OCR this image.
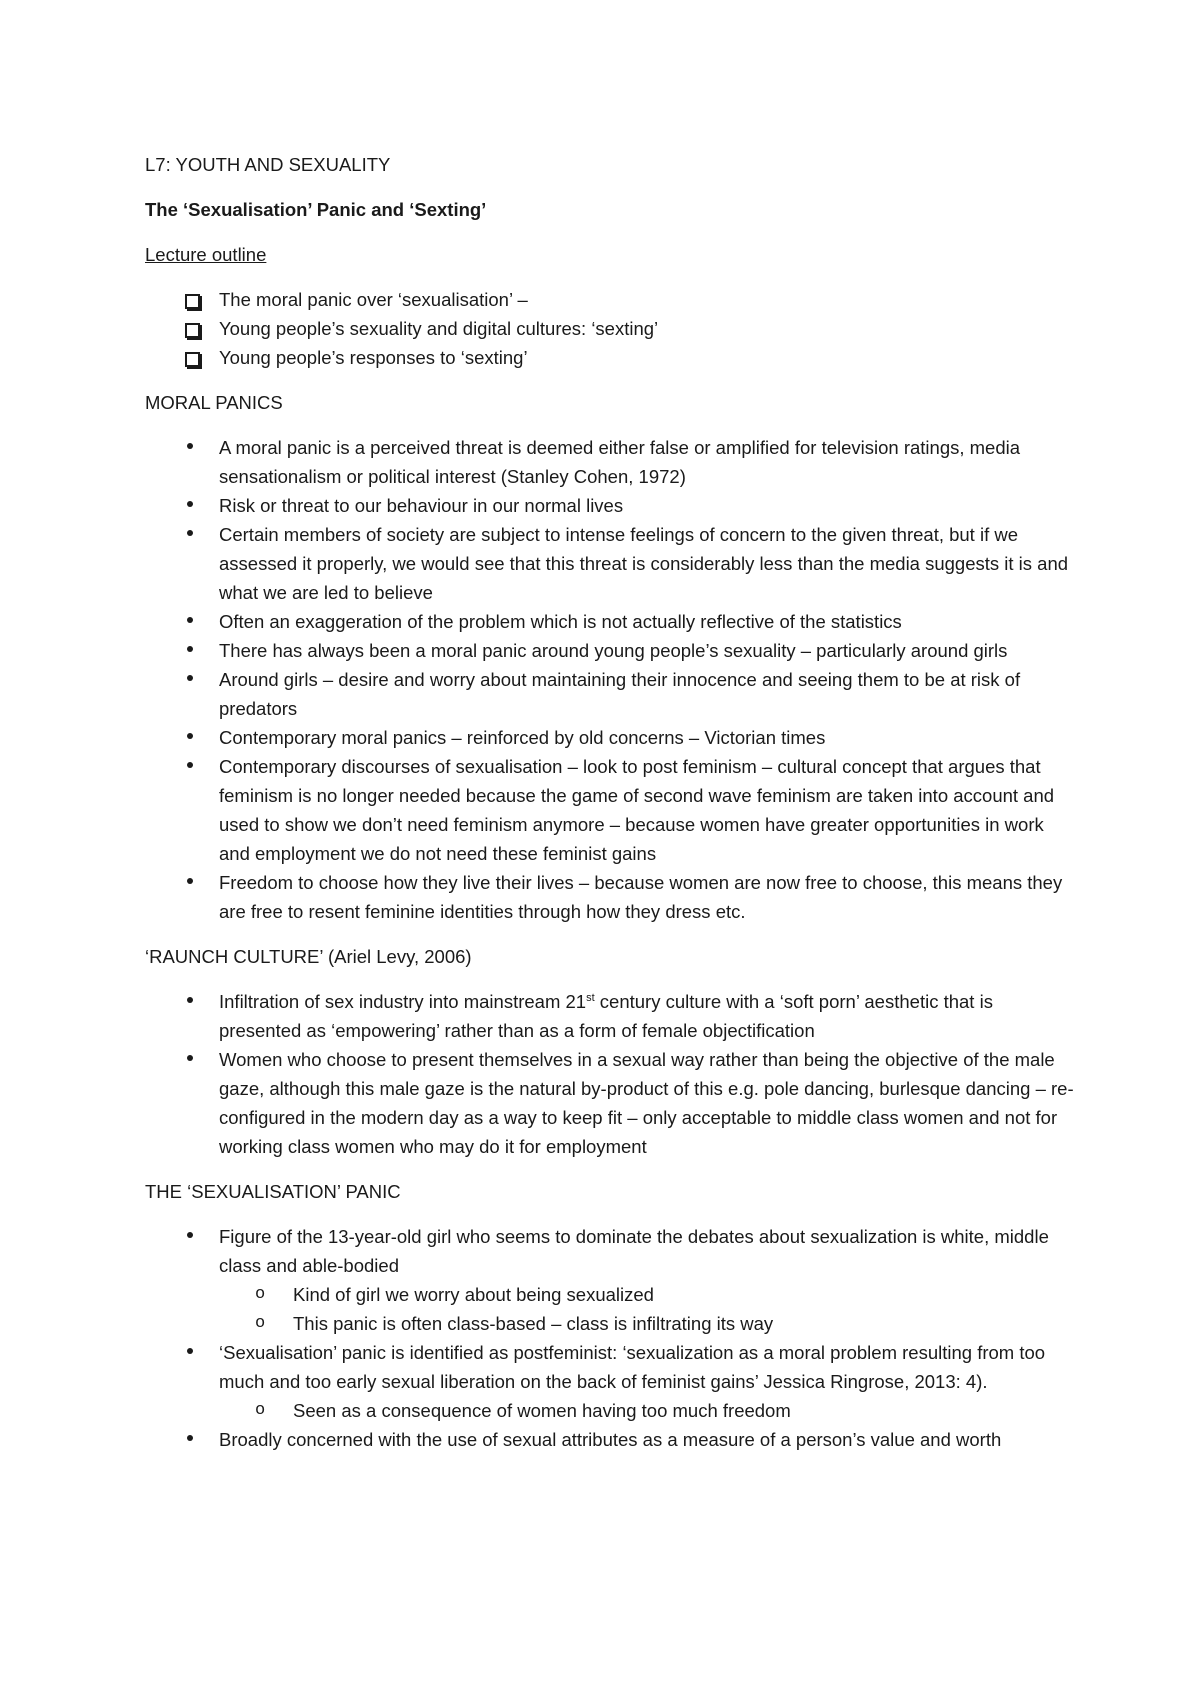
L7: YOUTH AND SEXUALITY

The ‘Sexualisation’ Panic and ‘Sexting’

Lecture outline

The moral panic over ‘sexualisation’ –
Young people’s sexuality and digital cultures: ‘sexting’
Young people’s responses to ‘sexting’

MORAL PANICS

A moral panic is a perceived threat is deemed either false or amplified for television ratings, media sensationalism or political interest (Stanley Cohen, 1972)
Risk or threat to our behaviour in our normal lives
Certain members of society are subject to intense feelings of concern to the given threat, but if we assessed it properly, we would see that this threat is considerably less than the media suggests it is and what we are led to believe
Often an exaggeration of the problem which is not actually reflective of the statistics
There has always been a moral panic around young people’s sexuality – particularly around girls
Around girls – desire and worry about maintaining their innocence and seeing them to be at risk of predators
Contemporary moral panics – reinforced by old concerns – Victorian times
Contemporary discourses of sexualisation – look to post feminism – cultural concept that argues that feminism is no longer needed because the game of second wave feminism are taken into account and used to show we don’t need feminism anymore – because women have greater opportunities in work and employment we do not need these feminist gains
Freedom to choose how they live their lives – because women are now free to choose, this means they are free to resent feminine identities through how they dress etc.

‘RAUNCH CULTURE’ (Ariel Levy, 2006)

Infiltration of sex industry into mainstream 21st century culture with a ‘soft porn’ aesthetic that is presented as ‘empowering’ rather than as a form of female objectification
Women who choose to present themselves in a sexual way rather than being the objective of the male gaze, although this male gaze is the natural by-product of this e.g. pole dancing, burlesque dancing – re-configured in the modern day as a way to keep fit – only acceptable to middle class women and not for working class women who may do it for employment

THE ‘SEXUALISATION’ PANIC

Figure of the 13-year-old girl who seems to dominate the debates about sexualization is white, middle class and able-bodied
o Kind of girl we worry about being sexualized
o This panic is often class-based – class is infiltrating its way
‘Sexualisation’ panic is identified as postfeminist: ‘sexualization as a moral problem resulting from too much and too early sexual liberation on the back of feminist gains’ Jessica Ringrose, 2013: 4).
o Seen as a consequence of women having too much freedom
Broadly concerned with the use of sexual attributes as a measure of a person’s value and worth
